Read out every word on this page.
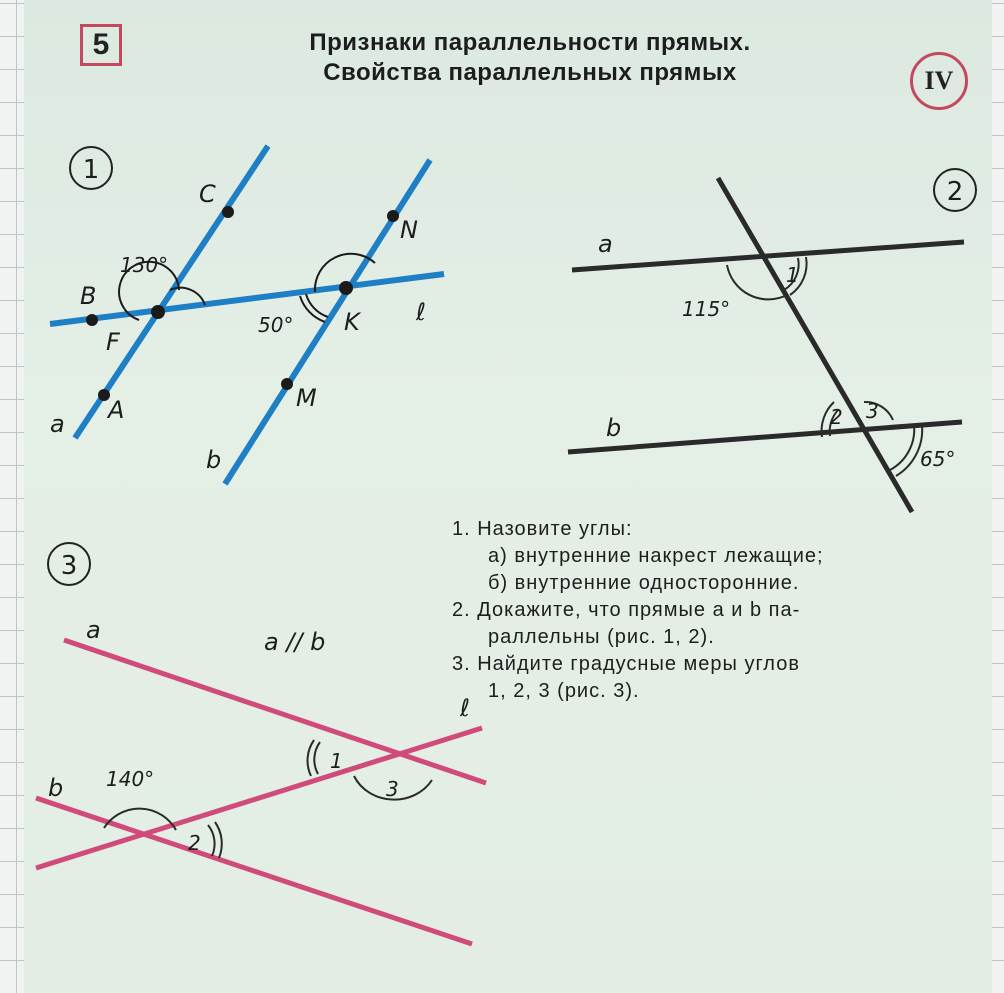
5	Признаки параллельности прямых.
Свойства параллельных прямых	IV
1
130°
50°
B
F
A
C
N
K
M
ℓ
a
b
2
a
b
1
115°
2 3
65°
3
a	a // b
ℓ
b 140°
2
1
3
1. Назовите углы:
а) внутренние накрест лежащие;
б) внутренние односторонние.
2. Докажите, что прямые а и b па-
раллельны (рис. 1, 2).
3. Найдите градусные меры углов
1, 2, 3 (рис. 3).
